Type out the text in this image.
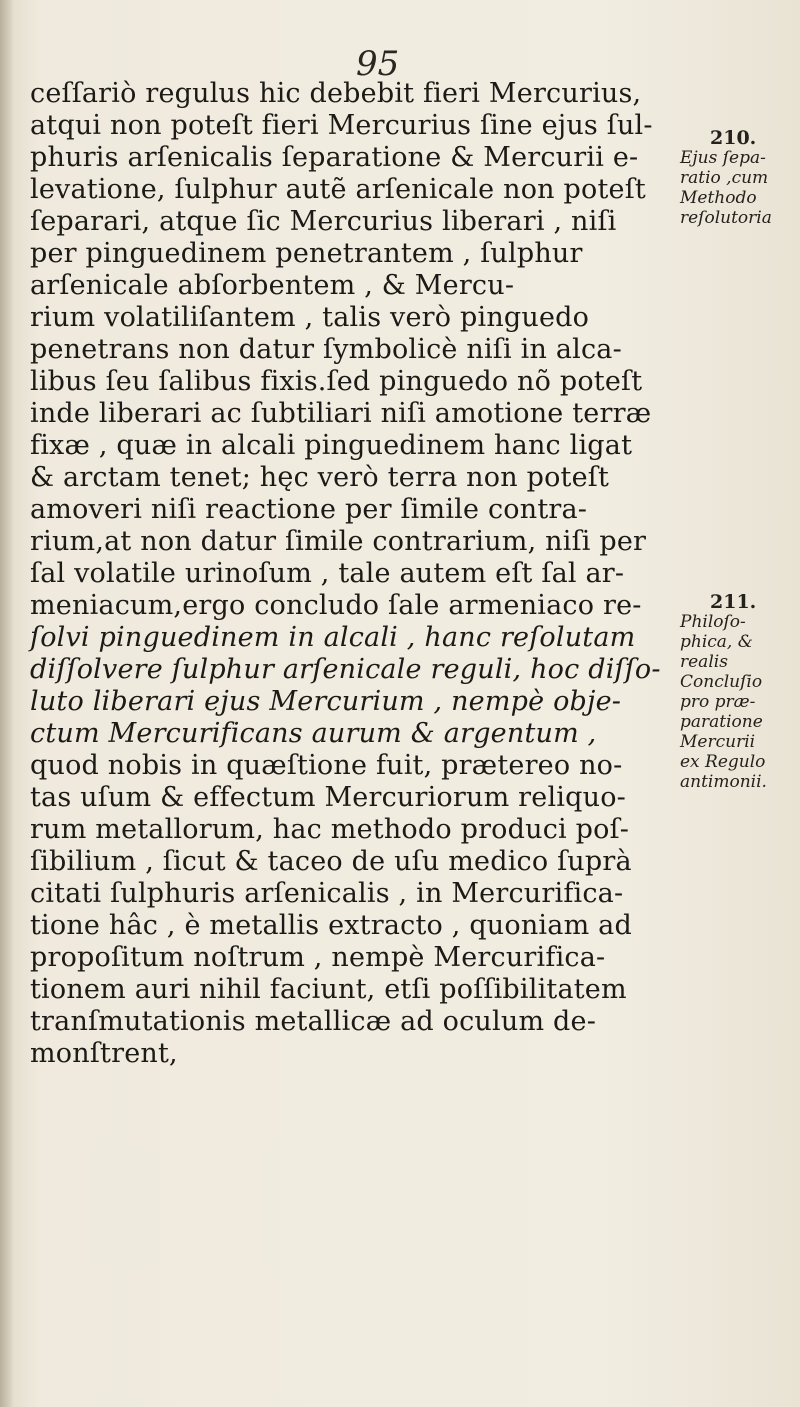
95
ceſſariò regulus hic debebit fieri Mercurius,
atqui non poteſt fieri Mercurius ſine ejus ſul-
phuris arſenicalis ſeparatione & Mercurii e-
levatione, ſulphur autẽ arſenicale non poteſt
ſeparari, atque ſic Mercurius liberari , niſi
per pinguedinem penetrantem , ſulphur
arſenicale abſorbentem , & Mercu-
rium volatiliſantem , talis verò pinguedo
penetrans non datur ſymbolicè niſi in alca-
libus ſeu ſalibus fixis.ſed pinguedo nõ poteſt
inde liberari ac ſubtiliari niſi amotione terræ
fixæ , quæ in alcali pinguedinem hanc ligat
& arctam tenet; hęc verò terra non poteſt
amoveri niſi reactione per ſimile contra-
rium,at non datur ſimile contrarium, niſi per
ſal volatile urinoſum , tale autem eſt ſal ar-
meniacum,ergo concludo ſale armeniaco re-
ſolvi pinguedinem in alcali , hanc reſolutam
diſſolvere ſulphur arſenicale reguli, hoc diſſo-
luto liberari ejus Mercurium , nempè obje-
ctum Mercurificans aurum & argentum ,
quod nobis in quæſtione fuit, prætereo no-
tas uſum & effectum Mercuriorum reliquo-
rum metallorum, hac methodo produci poſ-
ſibilium , ſicut & taceo de uſu medico ſuprà
citati ſulphuris arſenicalis , in Mercurifica-
tione hâc , è metallis extracto , quoniam ad
propoſitum noſtrum , nempè Mercurifica-
tionem auri nihil faciunt, etſi poſſibilitatem
tranſmutationis metallicæ ad oculum de-
monſtrent,
210.
Ejus ſepa-
ratio ,cum
Methodo
reſolutoria
211.
Philoſo-
phica, &
realis
Concluſio
pro præ-
paratione
Mercurii
ex Regulo
antimonii.
